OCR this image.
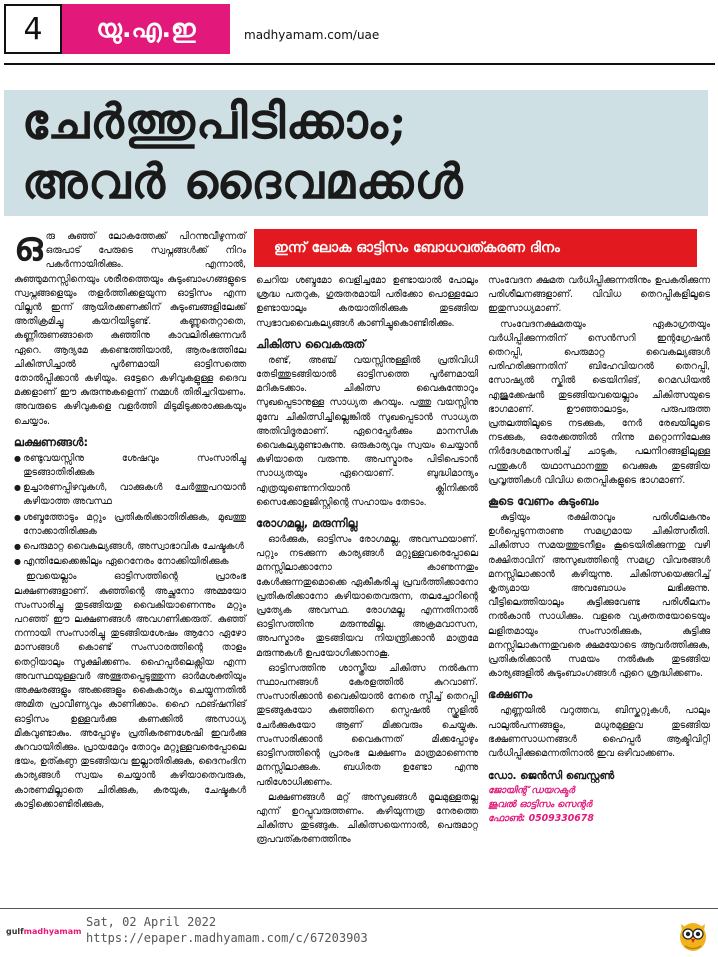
4	യു.എ.ഇ	madhyamam.com/uae
ചേർത്തുപിടിക്കാം;
അവർ ദൈവമക്കൾ
ഇന്ന് ലോക ഓട്ടിസം ബോധവത്കരണ ദിനം

ഒരു കുഞ്ഞ് ലോകത്തേക്ക് പിറന്നുവീഴുന്നത് ഒരുപാട് പേരുടെ സ്വപ്നങ്ങൾക്ക് നിറം പകർന്നായിരിക്കും. എന്നാൽ, കുഞ്ഞുമനസ്സിനെയും ശരീരത്തെയും കുടുംബാംഗങ്ങളുടെ സ്വപ്നങ്ങളെയും തളർത്തിക്കളയുന്ന ഓട്ടിസം എന്ന വില്ലൻ ഇന്ന് ആയിരക്കണക്കിന് കുടുംബങ്ങളിലേക്ക് അതിക്രമിച്ചു കയറിയിട്ടുണ്ട്. കണ്ണുതെറ്റാതെ, കണ്ണീരുണങ്ങാതെ കുഞ്ഞിനു കാവലിരിക്കുന്നവർ ഏറെ. ആദ്യമേ കണ്ടെത്തിയാൽ, ആരംഭത്തിലേ ചികിത്സിച്ചാൽ പൂർണമായി ഓട്ടിസത്തെ തോൽപ്പിക്കാൻ കഴിയും. ഒട്ടേറെ കഴിവുകളുള്ള ദൈവ മക്കളാണ് ഈ കുരുന്നുകളെന്ന് നമ്മൾ തിരിച്ചറിയണം. അവരുടെ കഴിവുകളെ വളർത്തി മിടുമിടുക്കരാക്കുകയും ചെയ്യാം.

ലക്ഷണങ്ങൾ:

● രണ്ടുവയസ്സിനു ശേഷവും സംസാരിച്ചു തുടങ്ങാതിരിക്കുക

● ഉച്ചാരണപ്പിഴവുകൾ, വാക്കുകൾ ചേർത്തുപറയാൻ കഴിയാത്ത അവസ്ഥ

● ശബ്ദത്തോടും മറ്റും പ്രതികരിക്കാതിരിക്കുക, മുഖത്തു നോക്കാതിരിക്കുക

● പെരുമാറ്റ വൈകല്യങ്ങൾ, അസ്വാഭാവിക ചേഷ്ടകൾ

● എന്തിലേക്കെങ്കിലും ഏറെനേരം നോക്കിയിരിക്കുക

ഇവയെല്ലാം ഓട്ടിസത്തിന്റെ പ്രാരംഭ ലക്ഷണങ്ങളാണ്. കുഞ്ഞിന്റെ അച്ഛനോ അമ്മയോ സംസാരിച്ചു തുടങ്ങിയതു വൈകിയാണെന്നും മറ്റും പറഞ്ഞ് ഈ ലക്ഷണങ്ങൾ അവഗണിക്കരുത്. കുഞ്ഞ് നന്നായി സംസാരിച്ചു തുടങ്ങിയശേഷം ആറോ ഏഴോ മാസങ്ങൾ കൊണ്ട് സംസാരത്തിന്റെ താളം തെറ്റിയാലും സൂക്ഷിക്കണം. ഹൈപ്പർലെക്സിയ എന്ന അവസ്ഥയുള്ളവർ അത്ഭുതപ്പെടുത്തുന്ന ഓർമശക്തിയും അക്ഷരങ്ങളും അക്കങ്ങളും കൈകാര്യം ചെയ്യുന്നതിൽ അമിത പ്രാവീണ്യവും കാണിക്കാം. ഹൈ ഫങ്ഷനിങ് ഓട്ടിസം ഉള്ളവർക്കു കണക്കിൽ അസാധ്യ മികവുണ്ടാകും. അപ്പോഴും പ്രതികരണശേഷി ഇവർക്കു കുറവായിരിക്കും. പ്രായമേറും തോറും മറ്റുള്ളവരെപ്പോലെ ഭയം, ഉത്കണ്ഠ തുടങ്ങിയവ ഇല്ലാതിരിക്കുക, ദൈനംദിന കാര്യങ്ങൾ സ്വയം ചെയ്യാൻ കഴിയാതെവരുക, കാരണമില്ലാതെ ചിരിക്കുക, കരയുക, ചേഷ്ടകൾ കാട്ടിക്കൊണ്ടിരിക്കുക,

ചെറിയ ശബ്ദമോ വെളിച്ചമോ ഉണ്ടായാൽ പോലും ശ്രദ്ധ പതറുക, ഗുരുതരമായി പരിക്കോ പൊള്ളലോ ഉണ്ടായാലും കരയാതിരിക്കുക തുടങ്ങിയ സ്വഭാവവൈകല്യങ്ങൾ കാണിച്ചുകൊണ്ടിരിക്കും.

ചികിത്സ വൈകരുത്

രണ്ട്, അഞ്ച് വയസ്സിനുള്ളിൽ പ്രതിവിധി തേടിത്തുടങ്ങിയാൽ ഓട്ടിസത്തെ പൂർണമായി മറികടക്കാം. ചികിത്സ വൈകുന്തോറും സുഖപ്പെടാനുള്ള സാധ്യത കുറയും. പത്തു വയസ്സിനു മുമ്പേ ചികിത്സിച്ചില്ലെങ്കിൽ സുഖപ്പെടാൻ സാധ്യത അതിവിദൂരമാണ്. ഏറെപ്പേർക്കും മാനസിക വൈകല്യമുണ്ടാകുന്നു. ഒരുകാര്യവും സ്വയം ചെയ്യാൻ കഴിയാതെ വരുന്നു. അപസ്മാരം പിടിപെടാൻ സാധ്യതയും ഏറെയാണ്. ബുദ്ധിമാന്ദ്യം എത്രയുണ്ടെന്നറിയാൻ ക്ലിനിക്കൽ സൈക്കോളജിസ്റ്റിന്റെ സഹായം തേടാം.

രോഗമല്ല, മരുന്നില്ല

ഓർക്കുക, ഓട്ടിസം രോഗമല്ല, അവസ്ഥയാണ്. പറ്റും നടക്കുന്ന കാര്യങ്ങൾ മറ്റുള്ളവരെപ്പോലെ മനസ്സിലാക്കാനോ കാണുന്നതും കേൾക്കുന്നതുമൊക്കെ ഏകീകരിച്ചു പ്രവർത്തിക്കാനോ പ്രതികരിക്കാനോ കഴിയാതെവരുന്ന, തലച്ചോറിന്റെ പ്രത്യേക അവസ്ഥ. രോഗമല്ല എന്നതിനാൽ ഓട്ടിസത്തിനു മരുന്നുമില്ല. അക്രമവാസന, അപസ്മാരം തുടങ്ങിയവ നിയന്ത്രിക്കാൻ മാത്രമേ മരുന്നുകൾ ഉപയോഗിക്കാനാകൂ.

ഓട്ടിസത്തിനു ശാസ്ത്രീയ ചികിത്സ നൽകുന്ന സ്ഥാപനങ്ങൾ കേരളത്തിൽ കുറവാണ്. സംസാരിക്കാൻ വൈകിയാൽ നേരെ സ്പീച്ച് തെറപ്പി തുടങ്ങുകയോ കുഞ്ഞിനെ സ്പെഷൽ സ്കൂളിൽ ചേർക്കുകയോ ആണ് മിക്കവരും ചെയ്യുക. സംസാരിക്കാൻ വൈകുന്നത് മിക്കപ്പോഴും ഓട്ടിസത്തിന്റെ പ്രാരംഭ ലക്ഷണം മാത്രമാണെന്നു മനസ്സിലാക്കുക. ബധിരത ഉണ്ടോ എന്നു പരിശോധിക്കണം.

ലക്ഷണങ്ങൾ മറ്റ് അസുഖങ്ങൾ മൂലമുള്ളതല്ല എന്ന് ഉറപ്പുവരുത്തണം. കഴിയുന്നത്ര നേരത്തെ ചികിത്സ തുടങ്ങുക. ചികിത്സയെന്നാൽ, പെരുമാറ്റ രൂപവത്കരണത്തിനും

സംവേദന ക്ഷമത വർധിപ്പിക്കുന്നതിനും ഉപകരിക്കുന്ന പരിശീലനങ്ങളാണ്. വിവിധ തെറപ്പികളിലൂടെ ഇതുസാധ്യമാണ്.

സംവേദനക്ഷമതയും ഏകാഗ്രതയും വർധിപ്പിക്കുന്നതിന് സെൻസറി ഇന്റഗ്രേഷൻ തെറപ്പി, പെരുമാറ്റ വൈകല്യങ്ങൾ പരിഹരിക്കുന്നതിന് ബിഹേവിയറൽ തെറപ്പി, സോഷ്യൽ സ്കിൽ ട്രെയിനിങ്, റെമഡിയൽ എജുക്കേഷൻ തുടങ്ങിയവയെല്ലാം ചികിത്സയുടെ ഭാഗമാണ്. ഊഞ്ഞാലാട്ടം, പരുപരുത്ത പ്രതലത്തിലൂടെ നടക്കുക, നേർ രേഖയിലൂടെ നടക്കുക, ഒരേക്കത്തിൽ നിന്നു മറ്റൊന്നിലേക്കു നിർദേശമനുസരിച്ച് ചാടുക, പലനിറങ്ങളിലുള്ള പന്തുകൾ യഥാസ്ഥാനത്തു വെക്കുക തുടങ്ങിയ പ്രവൃത്തികൾ വിവിധ തെറപ്പികളുടെ ഭാഗമാണ്.

കൂടെ വേണം കുടുംബം

കുട്ടിയും രക്ഷിതാവും പരിശീലകനും ഉൾപ്പെടുന്നതാണു സമഗ്രമായ ചികിത്സരീതി. ചികിത്സാ സമയത്തുടനീളം കൂടെയിരിക്കുന്നതു വഴി രക്ഷിതാവിന് അസുഖത്തിന്റെ സമഗ്ര വിവരങ്ങൾ മനസ്സിലാക്കാൻ കഴിയുന്നു. ചികിത്സയെക്കുറിച്ച് കൃത്യമായ അവബോധം ലഭിക്കുന്നു. വീട്ടിലെത്തിയാലും കുട്ടിക്കുവേണ്ട പരിശീലനം നൽകാൻ സാധിക്കും. വളരെ വ്യക്തതയോടെയും ലളിതമായും സംസാരിക്കുക, കുട്ടിക്കു മനസ്സിലാകുന്നതുവരെ ക്ഷമയോടെ ആവർത്തിക്കുക, പ്രതികരിക്കാൻ സമയം നൽകുക തുടങ്ങിയ കാര്യങ്ങളിൽ കുടുംബാംഗങ്ങൾ ഏറെ ശ്രദ്ധിക്കണം.

ഭക്ഷണം

എണ്ണയിൽ വറുത്തവ, ബിസ്കറ്റുകൾ, പാലും പാലുൽപന്നങ്ങളും, മധുരമുള്ളവ തുടങ്ങിയ ഭക്ഷണസാധനങ്ങൾ ഹൈപ്പർ ആക്ടിവിറ്റി വർധിപ്പിക്കുമെന്നതിനാൽ ഇവ ഒഴിവാക്കണം.

ഡോ. ജെൻസി ബെസ്റ്റൺ
ജോയിന്റ് ഡയറക്ടർ
ജൂവൽ ഓട്ടിസം സെന്റർ
ഫോൺ: 0509330678
gulfmadhyamam
Sat, 02 April 2022
https://epaper.madhyamam.com/c/67203903
